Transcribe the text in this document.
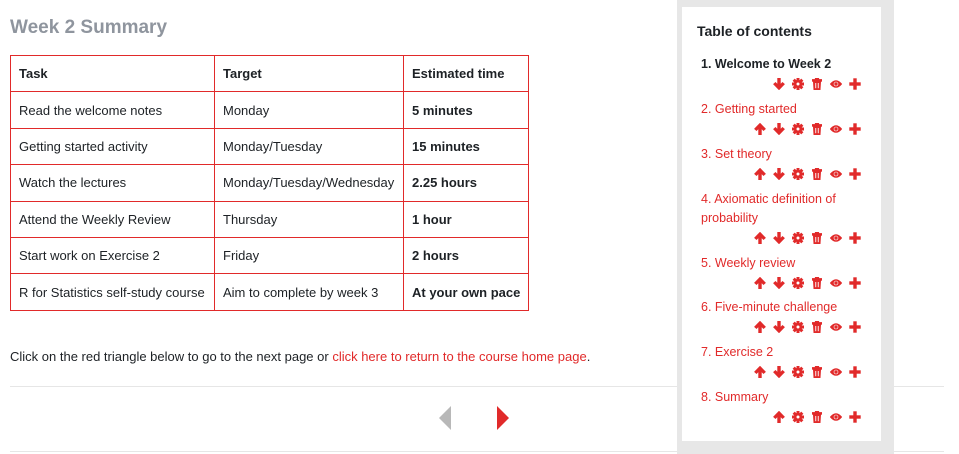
Week 2 Summary
Task	Target	Estimated time
Read the welcome notes	Monday	5 minutes
Getting started activity	Monday/Tuesday	15 minutes
Watch the lectures	Monday/Tuesday/Wednesday	2.25 hours
Attend the Weekly Review	Thursday	1 hour
Start work on Exercise 2	Friday	2 hours
R for Statistics self-study course	Aim to complete by week 3	At your own pace

Click on the red triangle below to go to the next page or click here to return to the course home page.

Table of contents
1. Welcome to Week 2
2. Getting started
3. Set theory
4. Axiomatic definition of probability
5. Weekly review
6. Five-minute challenge
7. Exercise 2
8. Summary
